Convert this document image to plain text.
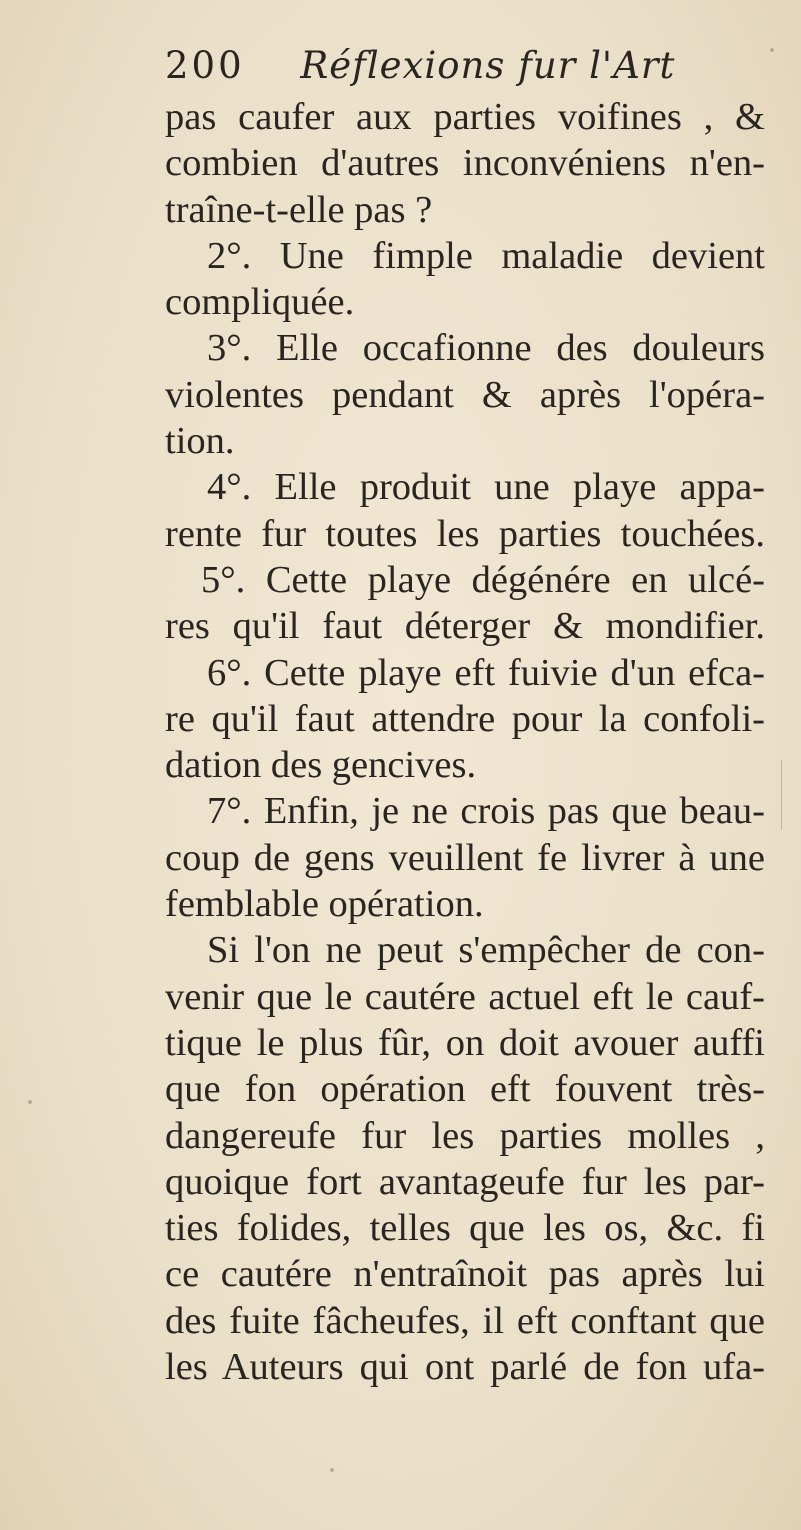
200 Réflexions fur l'Art
pas caufer aux parties voifines , &
combien d'autres inconvéniens n'en-
traîne-t-elle pas ?
2°. Une fimple maladie devient
compliquée.
3°. Elle occafionne des douleurs
violentes pendant & après l'opéra-
tion.
4°. Elle produit une playe appa-
rente fur toutes les parties touchées.
5°. Cette playe dégénére en ulcé-
res qu'il faut déterger & mondifier.
6°. Cette playe eft fuivie d'un efca-
re qu'il faut attendre pour la confoli-
dation des gencives.
7°. Enfin, je ne crois pas que beau-
coup de gens veuillent fe livrer à une
femblable opération.
Si l'on ne peut s'empêcher de con-
venir que le cautére actuel eft le cauf-
tique le plus fûr, on doit avouer auffi
que fon opération eft fouvent très-
dangereufe fur les parties molles ,
quoique fort avantageufe fur les par-
ties folides, telles que les os, &c. fi
ce cautére n'entraînoit pas après lui
des fuite fâcheufes, il eft conftant que
les Auteurs qui ont parlé de fon ufa-
